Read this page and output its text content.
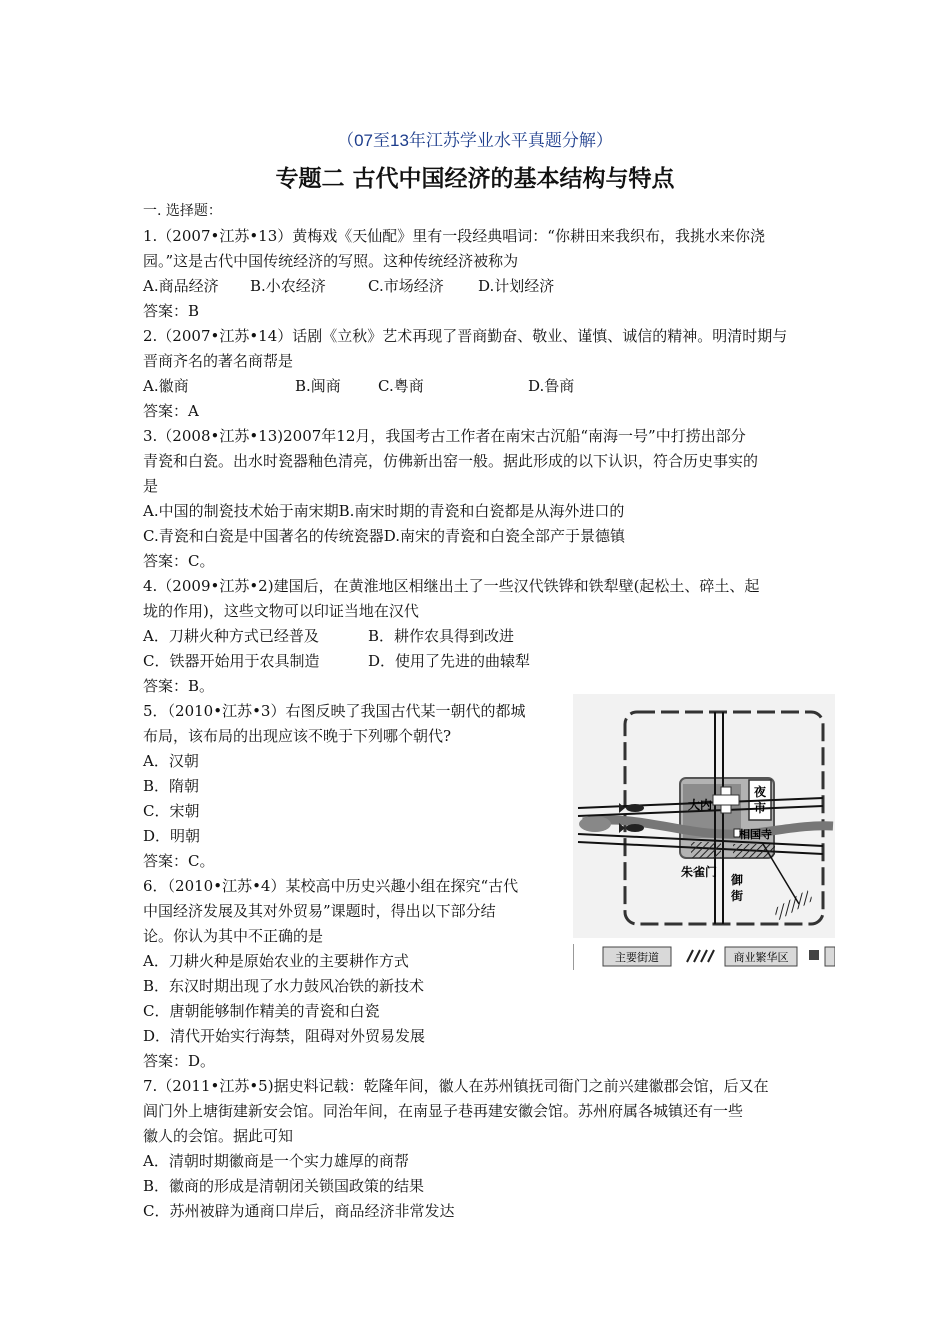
（07至13年江苏学业水平真题分解）
专题二 古代中国经济的基本结构与特点
一. 选择题：
1.（2007•江苏•13）黄梅戏《天仙配》里有一段经典唱词：“你耕田来我织布，我挑水来你浇
园。”这是古代中国传统经济的写照。这种传统经济被称为
A.商品经济 B.小农经济	C.市场经济 D.计划经济
答案：B
2.（2007•江苏•14）话剧《立秋》艺术再现了晋商勤奋、敬业、谨慎、诚信的精神。明清时期与
晋商齐名的著名商帮是
A.徽商	B.闽商 C.粤商	D.鲁商
答案：A
3.（2008•江苏•13)2007年12月，我国考古工作者在南宋古沉船“南海一号”中打捞出部分
青瓷和白瓷。出水时瓷器釉色清亮，仿佛新出窑一般。据此形成的以下认识，符合历史事实的
是
A.中国的制瓷技术始于南宋期B.南宋时期的青瓷和白瓷都是从海外进口的
C.青瓷和白瓷是中国著名的传统瓷器D.南宋的青瓷和白瓷全部产于景德镇
答案：C。
4.（2009•江苏•2)建国后，在黄淮地区相继出土了一些汉代铁铧和铁犁壁(起松土、碎土、起
垅的作用)，这些文物可以印证当地在汉代
A．刀耕火种方式已经普及	B．耕作农具得到改进
C．铁器开始用于农具制造	D．使用了先进的曲辕犁
答案：B。
5．（2010•江苏•3）右图反映了我国古代某一朝代的都城
布局，该布局的出现应该不晚于下列哪个朝代?
A．汉朝
B．隋朝
C．宋朝
D．明朝
答案：C。
6．（2010•江苏•4）某校高中历史兴趣小组在探究“古代
中国经济发展及其对外贸易”课题时，得出以下部分结
论。你认为其中不正确的是
A．刀耕火种是原始农业的主要耕作方式
B．东汉时期出现了水力鼓风冶铁的新技术
C．唐朝能够制作精美的青瓷和白瓷
D．清代开始实行海禁，阻碍对外贸易发展
答案：D。
7.（2011•江苏•5)据史料记载：乾隆年间，徽人在苏州镇抚司衙门之前兴建徽郡会馆，后又在
阊门外上塘街建新安会馆。同治年间，在南显子巷再建安徽会馆。苏州府属各城镇还有一些
徽人的会馆。据此可知
A．清朝时期徽商是一个实力雄厚的商帮
B．徽商的形成是清朝闭关锁国政策的结果
C．苏州被辟为通商口岸后，商品经济非常发达
大内
夜市
相国寺
朱雀门
御街
主要街道	商业繁华区
